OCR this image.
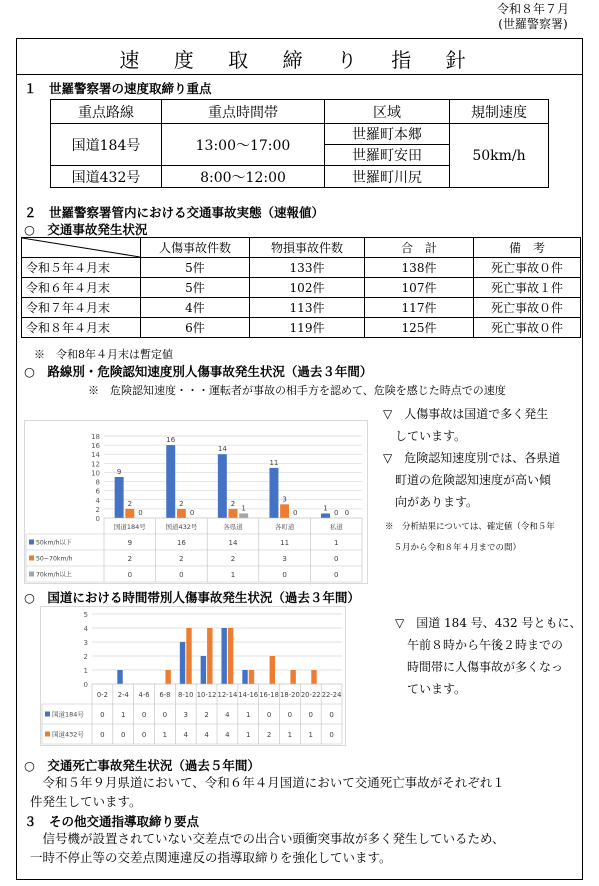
令和８年７月
(世羅警察署)
速 度 取 締 り 指 針
１　世羅警察署の速度取締り重点
重点路線	重点時間帯	区域	規制速度
国道184号	13:00～17:00	世羅町本郷	50km/h
		世羅町安田	
国道432号	8:00～12:00	世羅町川尻	
２　世羅警察署管内における交通事故実態（速報値）
○　交通事故発生状況
	人傷事故件数	物損事故件数	合　計	備　考
令和５年４月末	5件	133件	138件	死亡事故０件
令和６年４月末	5件	102件	107件	死亡事故１件
令和７年４月末	4件	113件	117件	死亡事故０件
令和８年４月末	6件	119件	125件	死亡事故０件
※　令和8年４月末は暫定値
○　路線別・危険認知速度別人傷事故発生状況（過去３年間）
※　危険認知速度・・・運転者が事故の相手方を認めて、危険を感じた時点での速度
0
2
4
6
8
10
12
14
16
18
9
2
0
16
2
0
14
2
1
11
3
0
1
0 0
国道184号	国道432号	各県道	各町道	私道
50km/h以下	9	16	14	11	1
50~70km/h	2	2	2	3	0
70km/h以上	0	0	1	0	0
▽　人傷事故は国道で多く発生
　しています。
▽　危険認知速度別では、各県道
　町道の危険認知速度が高い傾
　向があります。
※　分析結果については、確定値（令和５年
　５月から令和８年４月までの間）
○　国道における時間帯別人傷事故発生状況（過去３年間）
0
1
2
3
4
5
0-2 2-4 4-6 6-8 8-10 10-12 12-14 14-16 16-18 18-20 20-22 22-24
国道184号 0 1 0 0 3 2 4 1 0 0 0 0
国道432号 0 0 0 1 4 4 4 1 2 1 1 0
▽　国道 184 号、432 号ともに、
　午前８時から午後２時までの
　時間帯に人傷事故が多くなっ
　ています。
○　交通死亡事故発生状況（過去５年間）
　令和５年９月県道において、令和６年４月国道において交通死亡事故がそれぞれ１
件発生しています。
３　その他交通指導取締り要点
　信号機が設置されていない交差点での出合い頭衝突事故が多く発生しているため、
一時不停止等の交差点関連違反の指導取締りを強化しています。
